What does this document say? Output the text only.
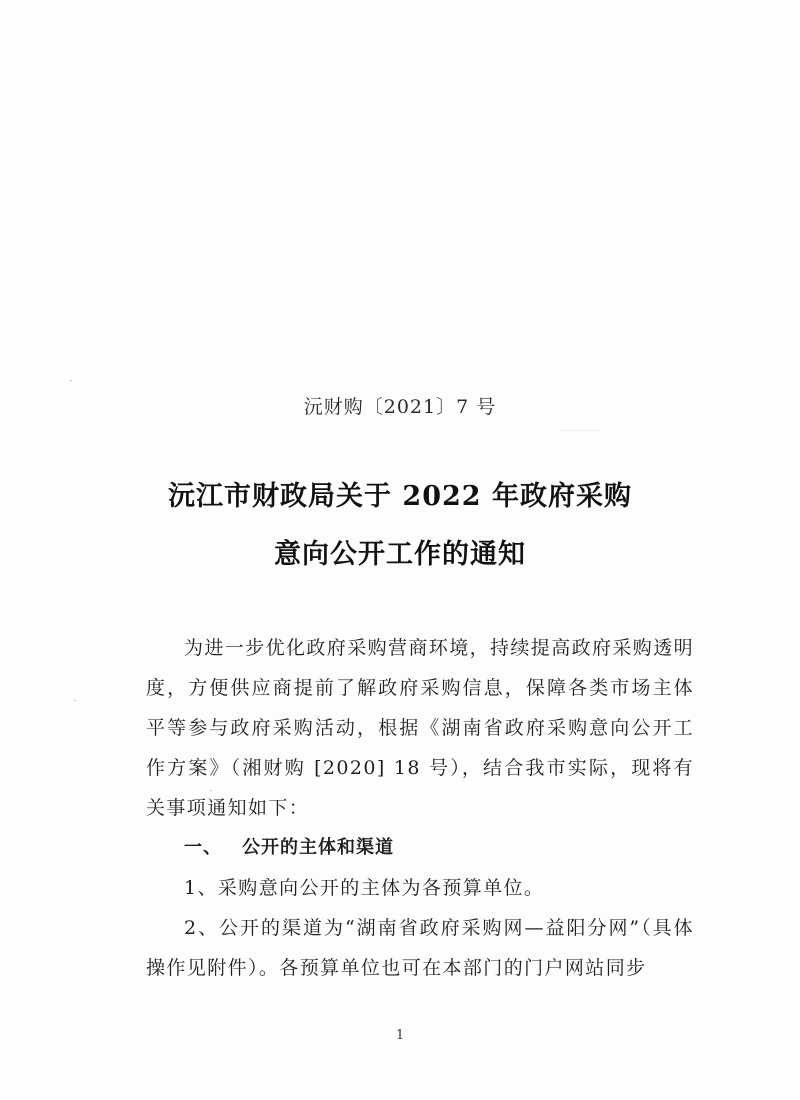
沅财购〔2021〕7 号
沅江市财政局关于 2022 年政府采购
意向公开工作的通知

为进一步优化政府采购营商环境，持续提高政府采购透明度，方便供应商提前了解政府采购信息，保障各类市场主体平等参与政府采购活动，根据《湖南省政府采购意向公开工作方案》（湘财购 [2020] 18 号），结合我市实际，现将有关事项通知如下：

一、 公开的主体和渠道

1、采购意向公开的主体为各预算单位。

2、公开的渠道为“湖南省政府采购网—益阳分网”（具体操作见附件）。各预算单位也可在本部门的门户网站同步

1
